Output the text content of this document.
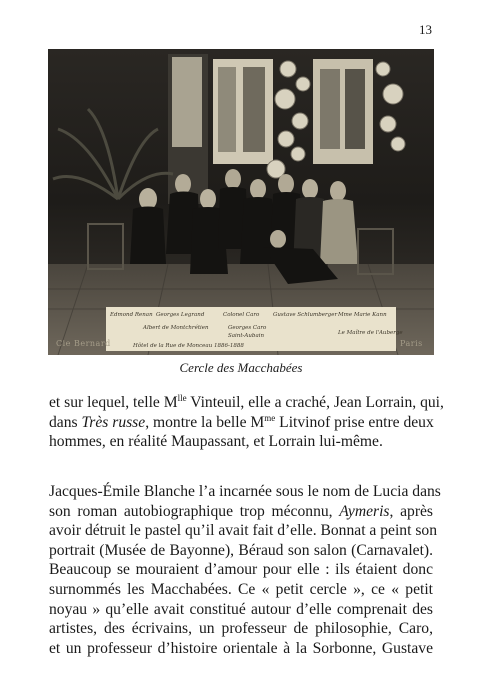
13
Edmond Renan Georges Legrand	Colonel Caro Gustave Schlumberger Mme Marie Kann
Albert de Montchrétien	Georges Caro
Saint-Aubain	Le Maître de l'Auberge
Hôtel de la Rue de Monceau 1886-1888
Cie Bernard	Paris
Cercle des Macchabées
et sur lequel, telle $M^{lle}$ Vinteuil, elle a craché, Jean Lorrain, qui,
dans Très russe, montre la belle $M^{me}$ Litvinof prise entre deux
hommes, en réalité Maupassant, et Lorrain lui-même.
Jacques-Émile Blanche l’a incarnée sous le nom de Lucia dans
son roman autobiographique trop méconnu, Aymeris, après
avoir détruit le pastel qu’il avait fait d’elle. Bonnat a peint son
portrait (Musée de Bayonne), Béraud son salon (Carnavalet).
Beaucoup se mouraient d’amour pour elle : ils étaient donc
surnommés les Macchabées. Ce « petit cercle », ce « petit
noyau » qu’elle avait constitué autour d’elle comprenait des
artistes, des écrivains, un professeur de philosophie, Caro,
et un professeur d’histoire orientale à la Sorbonne, Gustave
